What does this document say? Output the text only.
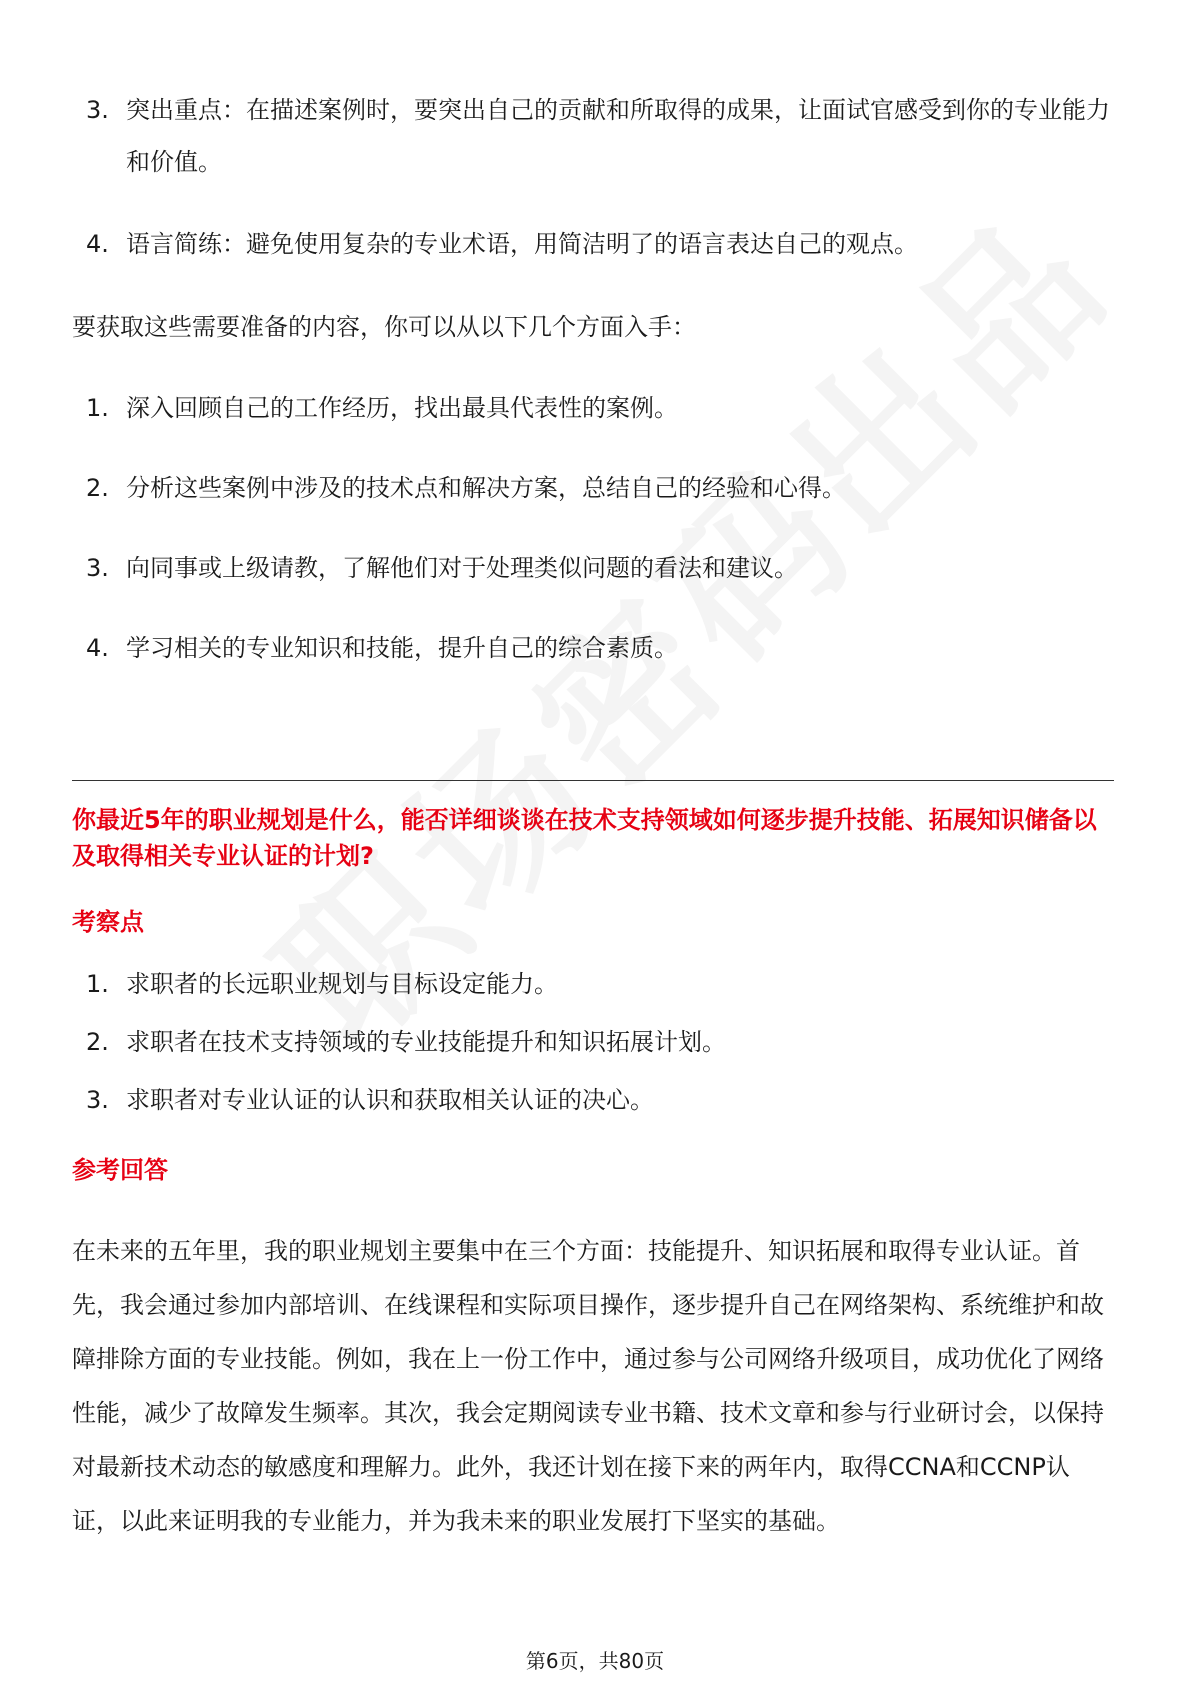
3. 突出重点：在描述案例时，要突出自己的贡献和所取得的成果，让面试官感受到你的专业能力和价值。
4. 语言简练：避免使用复杂的专业术语，用简洁明了的语言表达自己的观点。
要获取这些需要准备的内容，你可以从以下几个方面入手：
1. 深入回顾自己的工作经历，找出最具代表性的案例。
2. 分析这些案例中涉及的技术点和解决方案，总结自己的经验和心得。
3. 向同事或上级请教，了解他们对于处理类似问题的看法和建议。
4. 学习相关的专业知识和技能，提升自己的综合素质。
你最近5年的职业规划是什么，能否详细谈谈在技术支持领域如何逐步提升技能、拓展知识储备以及取得相关专业认证的计划?
考察点
1. 求职者的长远职业规划与目标设定能力。
2. 求职者在技术支持领域的专业技能提升和知识拓展计划。
3. 求职者对专业认证的认识和获取相关认证的决心。
参考回答
在未来的五年里，我的职业规划主要集中在三个方面：技能提升、知识拓展和取得专业认证。首先，我会通过参加内部培训、在线课程和实际项目操作，逐步提升自己在网络架构、系统维护和故障排除方面的专业技能。例如，我在上一份工作中，通过参与公司网络升级项目，成功优化了网络性能，减少了故障发生频率。其次，我会定期阅读专业书籍、技术文章和参与行业研讨会，以保持对最新技术动态的敏感度和理解力。此外，我还计划在接下来的两年内，取得CCNA和CCNP认证，以此来证明我的专业能力，并为我未来的职业发展打下坚实的基础。
第6页，共80页
